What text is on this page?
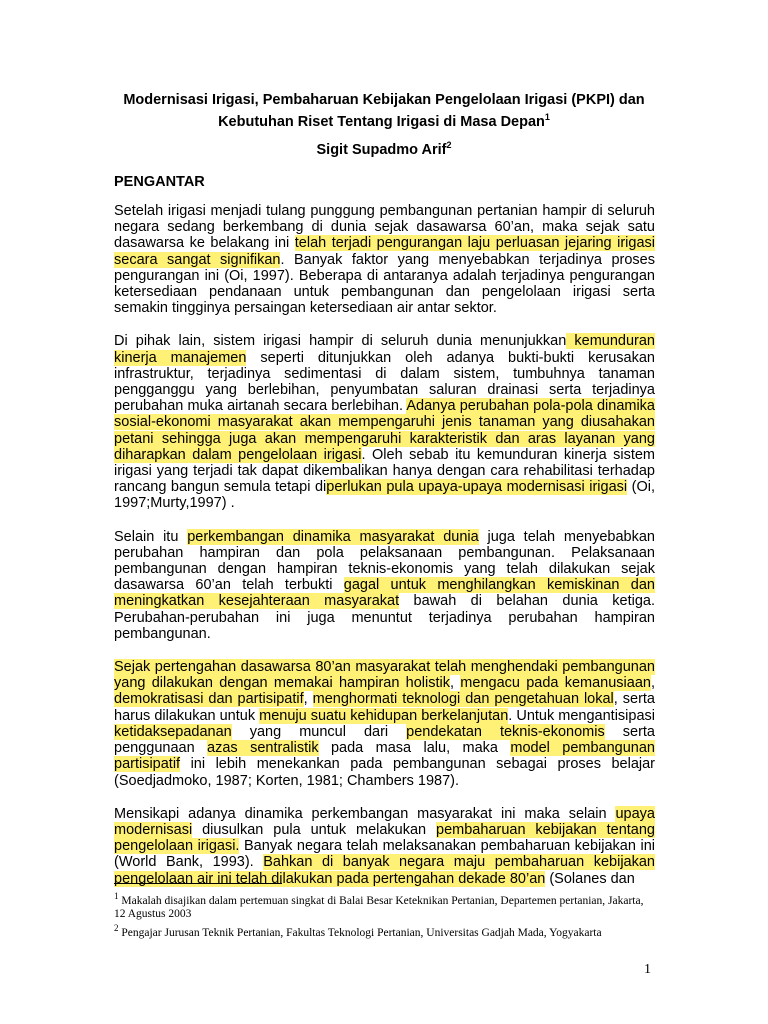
Modernisasi Irigasi, Pembaharuan Kebijakan Pengelolaan Irigasi (PKPI) dan
Kebutuhan Riset Tentang Irigasi di Masa Depan$^1$
Sigit Supadmo Arif$^2$
PENGANTAR

Setelah irigasi menjadi tulang punggung pembangunan pertanian hampir di seluruh negara sedang berkembang di dunia sejak dasawarsa 60’an, maka sejak satu dasawarsa ke belakang ini telah terjadi pengurangan laju perluasan jejaring irigasi secara sangat signifikan. Banyak faktor yang menyebabkan terjadinya proses pengurangan ini (Oi, 1997). Beberapa di antaranya adalah terjadinya pengurangan ketersediaan pendanaan untuk pembangunan dan pengelolaan irigasi serta semakin tingginya persaingan ketersediaan air antar sektor.

Di pihak lain, sistem irigasi hampir di seluruh dunia menunjukkan kemunduran kinerja manajemen seperti ditunjukkan oleh adanya bukti-bukti kerusakan infrastruktur, terjadinya sedimentasi di dalam sistem, tumbuhnya tanaman pengganggu yang berlebihan, penyumbatan saluran drainasi serta terjadinya perubahan muka airtanah secara berlebihan. Adanya perubahan pola-pola dinamika sosial-ekonomi masyarakat akan mempengaruhi jenis tanaman yang diusahakan petani sehingga juga akan mempengaruhi karakteristik dan aras layanan yang diharapkan dalam pengelolaan irigasi. Oleh sebab itu kemunduran kinerja sistem irigasi yang terjadi tak dapat dikembalikan hanya dengan cara rehabilitasi terhadap rancang bangun semula tetapi diperlukan pula upaya-upaya modernisasi irigasi (Oi, 1997;Murty,1997) .

Selain itu perkembangan dinamika masyarakat dunia juga telah menyebabkan perubahan hampiran dan pola pelaksanaan pembangunan. Pelaksanaan pembangunan dengan hampiran teknis-ekonomis yang telah dilakukan sejak dasawarsa 60’an telah terbukti gagal untuk menghilangkan kemiskinan dan meningkatkan kesejahteraan masyarakat bawah di belahan dunia ketiga. Perubahan-perubahan ini juga menuntut terjadinya perubahan hampiran pembangunan.

Sejak pertengahan dasawarsa 80’an masyarakat telah menghendaki pembangunan yang dilakukan dengan memakai hampiran holistik, mengacu pada kemanusiaan, demokratisasi dan partisipatif, menghormati teknologi dan pengetahuan lokal, serta harus dilakukan untuk menuju suatu kehidupan berkelanjutan. Untuk mengantisipasi ketidaksepadanan yang muncul dari pendekatan teknis-ekonomis serta penggunaan azas sentralistik pada masa lalu, maka model pembangunan partisipatif ini lebih menekankan pada pembangunan sebagai proses belajar (Soedjadmoko, 1987; Korten, 1981; Chambers 1987).

Mensikapi adanya dinamika perkembangan masyarakat ini maka selain upaya modernisasi diusulkan pula untuk melakukan pembaharuan kebijakan tentang pengelolaan irigasi. Banyak negara telah melaksanakan pembaharuan kebijakan ini (World Bank, 1993). Bahkan di banyak negara maju pembaharuan kebijakan pengelolaan air ini telah dilakukan pada pertengahan dekade 80’an (Solanes dan

$^1$ Makalah disajikan dalam pertemuan singkat di Balai Besar Keteknikan Pertanian, Departemen pertanian, Jakarta, 12 Agustus 2003
$^2$ Pengajar Jurusan Teknik Pertanian, Fakultas Teknologi Pertanian, Universitas Gadjah Mada, Yogyakarta
1
